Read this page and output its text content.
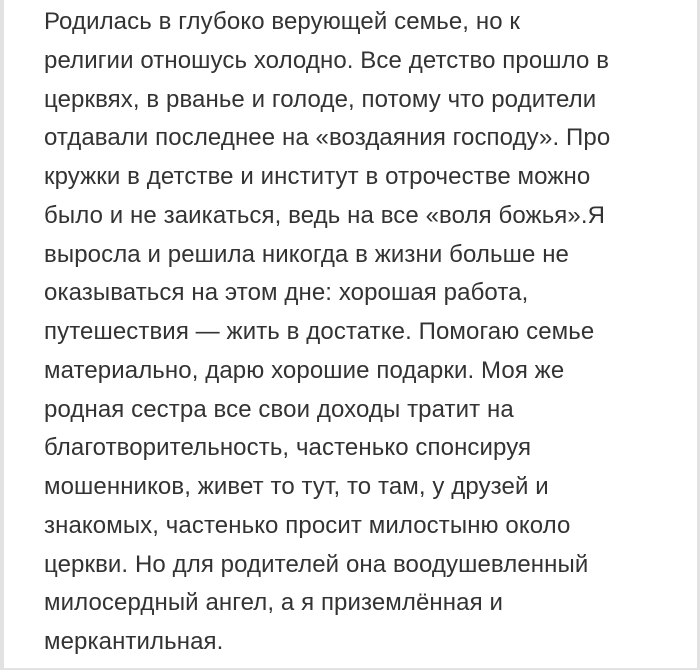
Родилась в глубоко верующей семье, но к
религии отношусь холодно. Все детство прошло в
церквях, в рванье и голоде, потому что родители
отдавали последнее на «воздаяния господу». Про
кружки в детстве и институт в отрочестве можно
было и не заикаться, ведь на все «воля божья».Я
выросла и решила никогда в жизни больше не
оказываться на этом дне: хорошая работа,
путешествия — жить в достатке. Помогаю семье
материально, дарю хорошие подарки. Моя же
родная сестра все свои доходы тратит на
благотворительность, частенько спонсируя
мошенников, живет то тут, то там, у друзей и
знакомых, частенько просит милостыню около
церкви. Но для родителей она воодушевленный
милосердный ангел, а я приземлённая и
меркантильная.
